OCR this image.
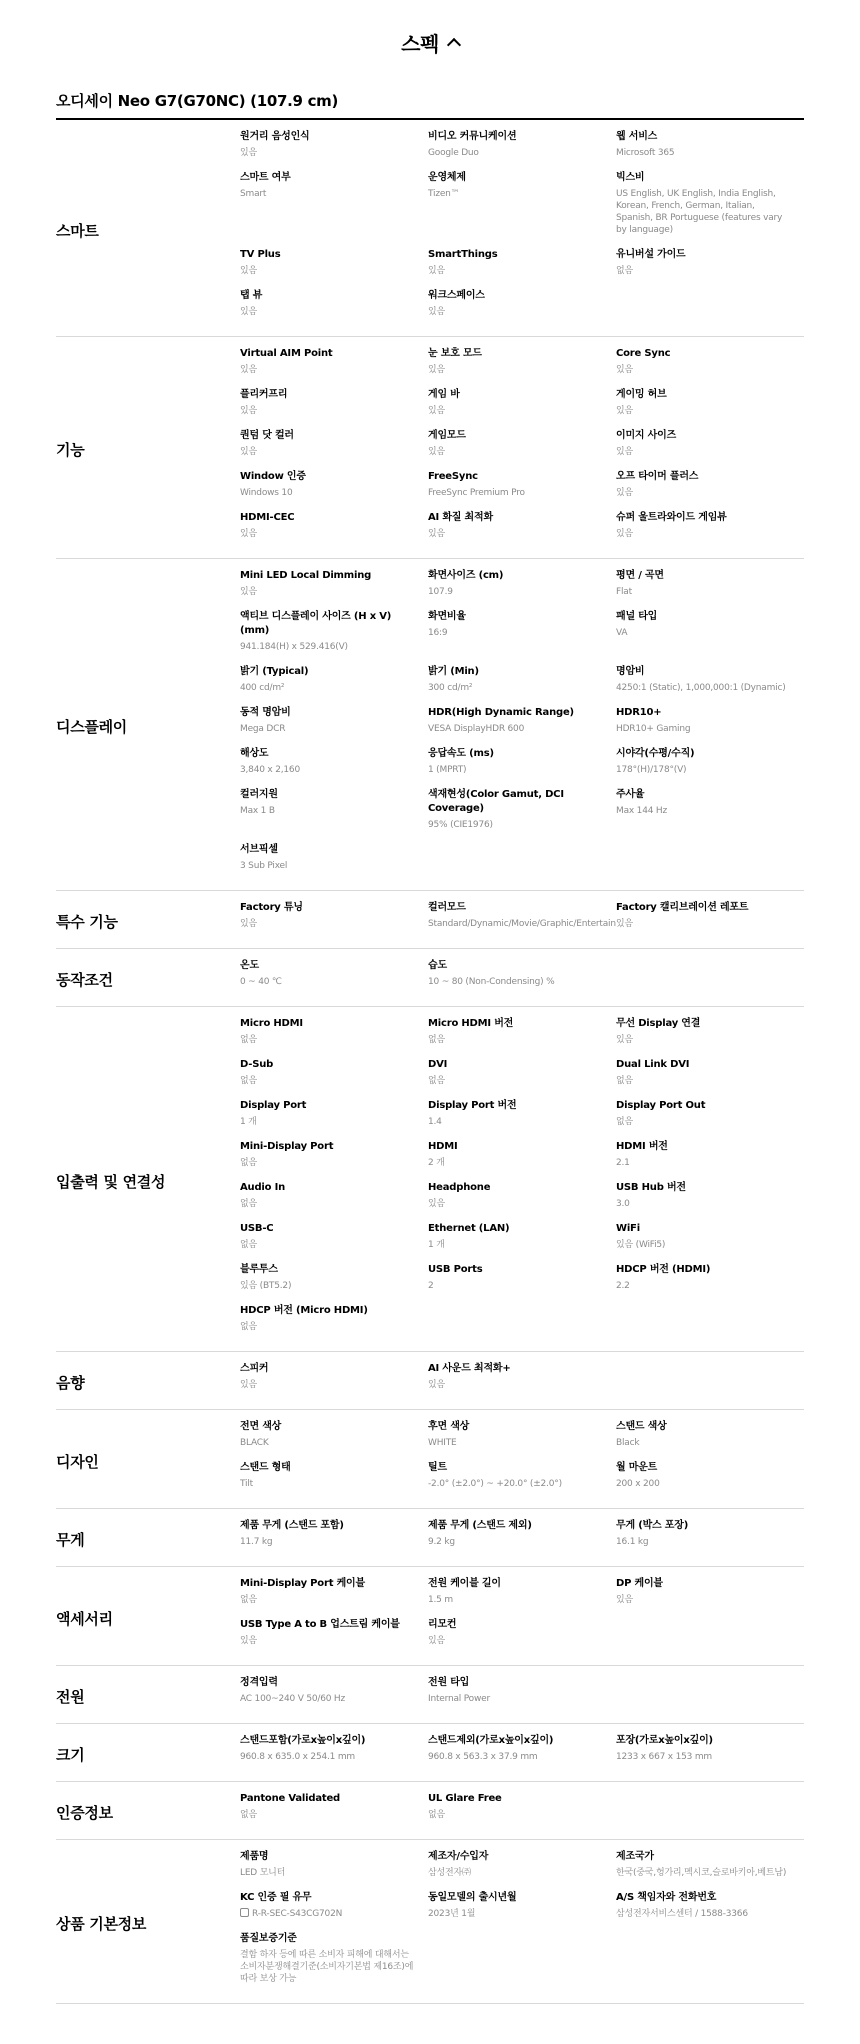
스펙
오디세이 Neo G7(G70NC) (107.9 cm)
스마트
원거리 음성인식
있음
비디오 커뮤니케이션
Google Duo
웹 서비스
Microsoft 365
스마트 여부
Smart
운영체제
Tizen™
빅스비
US English, UK English, India English, Korean, French, German, Italian, Spanish, BR Portuguese (features vary by language)
TV Plus
있음
SmartThings
있음
유니버설 가이드
없음
탭 뷰
있음
워크스페이스
있음
기능
Virtual AIM Point
있음
눈 보호 모드
있음
Core Sync
있음
플리커프리
있음
게임 바
있음
게이밍 허브
있음
퀀텀 닷 컬러
있음
게임모드
있음
이미지 사이즈
있음
Window 인증
Windows 10
FreeSync
FreeSync Premium Pro
오프 타이머 플러스
있음
HDMI-CEC
있음
AI 화질 최적화
있음
슈퍼 울트라와이드 게임뷰
있음
디스플레이
Mini LED Local Dimming
있음
화면사이즈 (cm)
107.9
평면 / 곡면
Flat
액티브 디스플레이 사이즈 (H x V) (mm)
941.184(H) x 529.416(V)
화면비율
16:9
패널 타입
VA
밝기 (Typical)
400 cd/m²
밝기 (Min)
300 cd/m²
명암비
4250:1 (Static), 1,000,000:1 (Dynamic)
동적 명암비
Mega DCR
HDR(High Dynamic Range)
VESA DisplayHDR 600
HDR10+
HDR10+ Gaming
해상도
3,840 x 2,160
응답속도 (ms)
1 (MPRT)
시야각(수평/수직)
178°(H)/178°(V)
컬러지원
Max 1 B
색재현성(Color Gamut, DCI Coverage)
95% (CIE1976)
주사율
Max 144 Hz
서브픽셀
3 Sub Pixel
특수 기능
Factory 튜닝
있음
컬러모드
Standard/Dynamic/Movie/Graphic/Entertain
Factory 캘리브레이션 레포트
있음
동작조건
온도
0 ~ 40 ℃
습도
10 ~ 80 (Non-Condensing) %
입출력 및 연결성
Micro HDMI
없음
Micro HDMI 버전
없음
무선 Display 연결
있음
D-Sub
없음
DVI
없음
Dual Link DVI
없음
Display Port
1 개
Display Port 버전
1.4
Display Port Out
없음
Mini-Display Port
없음
HDMI
2 개
HDMI 버전
2.1
Audio In
없음
Headphone
있음
USB Hub 버전
3.0
USB-C
없음
Ethernet (LAN)
1 개
WiFi
있음 (WiFi5)
블루투스
있음 (BT5.2)
USB Ports
2
HDCP 버전 (HDMI)
2.2
HDCP 버전 (Micro HDMI)
없음
음향
스피커
있음
AI 사운드 최적화+
있음
디자인
전면 색상
BLACK
후면 색상
WHITE
스탠드 색상
Black
스탠드 형태
Tilt
틸트
-2.0° (±2.0°) ~ +20.0° (±2.0°)
월 마운트
200 x 200
무게
제품 무게 (스탠드 포함)
11.7 kg
제품 무게 (스탠드 제외)
9.2 kg
무게 (박스 포장)
16.1 kg
액세서리
Mini-Display Port 케이블
없음
전원 케이블 길이
1.5 m
DP 케이블
있음
USB Type A to B 업스트림 케이블
있음
리모컨
있음
전원
정격입력
AC 100~240 V 50/60 Hz
전원 타입
Internal Power
크기
스탠드포함(가로x높이x깊이)
960.8 x 635.0 x 254.1 mm
스탠드제외(가로x높이x깊이)
960.8 x 563.3 x 37.9 mm
포장(가로x높이x깊이)
1233 x 667 x 153 mm
인증정보
Pantone Validated
없음
UL Glare Free
없음
상품 기본정보
제품명
LED 모니터
제조자/수입자
삼성전자㈜
제조국가
한국(중국,헝가리,멕시코,슬로바키아,베트남)
KC 인증 필 유무
R-R-SEC-S43CG702N
동일모델의 출시년월
2023년 1월
A/S 책임자와 전화번호
삼성전자서비스센터 / 1588-3366
품질보증기준
결함 하자 등에 따른 소비자 피해에 대해서는 소비자분쟁해결기준(소비자기본법 제16조)에 따라 보상 가능
